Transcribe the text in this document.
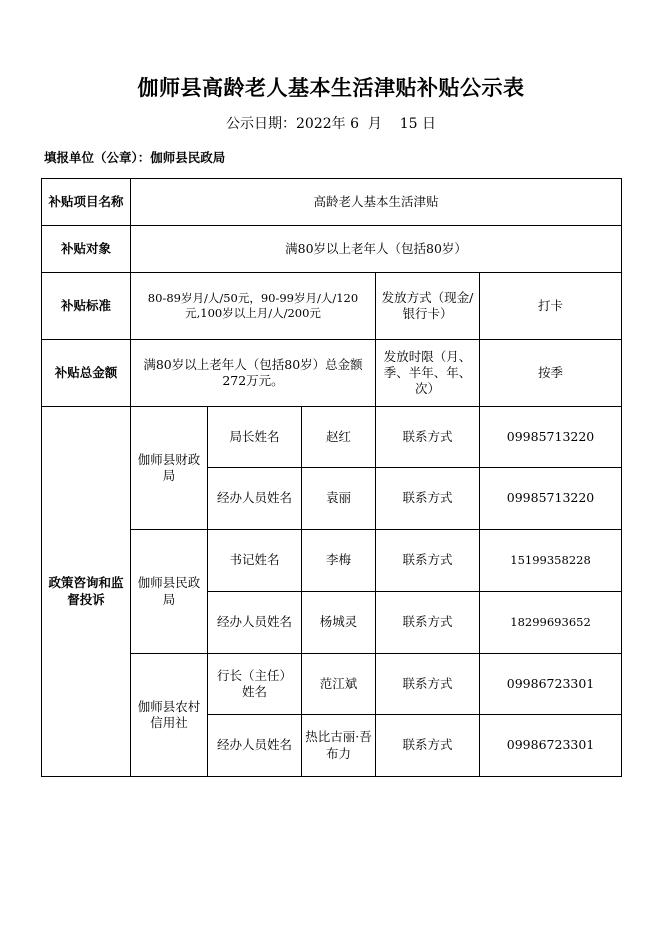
伽师县高龄老人基本生活津贴补贴公示表
公示日期：2022年 6  月    15 日
填报单位（公章）：伽师县民政局
补贴项目名称	高龄老人基本生活津贴				
补贴对象	满80岁以上老年人（包括80岁）				
补贴标准	80-89岁月/人/50元，90-99岁月/人/120元,100岁以上月/人/200元			发放方式（现金/银行卡）	打卡
补贴总金额	满80岁以上老年人（包括80岁）总金额272万元。			发放时限（月、季、半年、年、次）	按季
政策咨询和监督投诉	伽师县财政局	局长姓名	赵红	联系方式	09985713220
		经办人员姓名	袁丽	联系方式	09985713220
	伽师县民政局	书记姓名	李梅	联系方式	15199358228
		经办人员姓名	杨城灵	联系方式	18299693652
	伽师县农村信用社	行长（主任）姓名	范江斌	联系方式	09986723301
		经办人员姓名	热比古丽·吾布力	联系方式	09986723301
